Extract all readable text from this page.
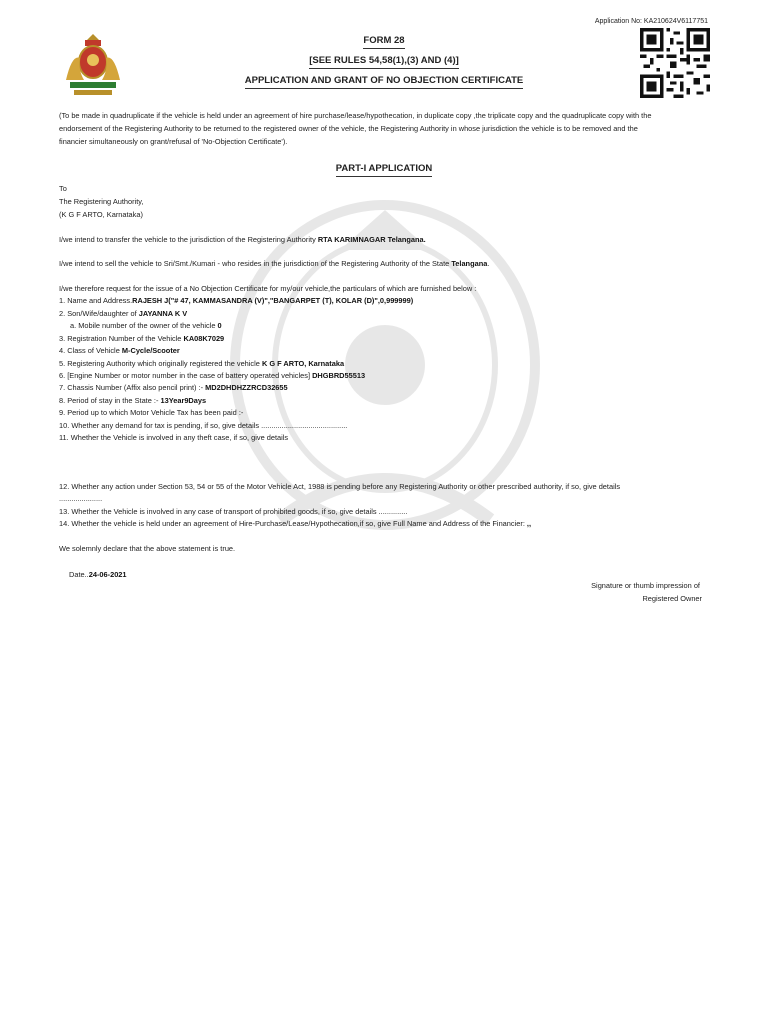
Application No: KA210624V6117751
FORM 28
[SEE RULES 54,58(1),(3) AND (4)]
APPLICATION AND GRANT OF NO OBJECTION CERTIFICATE
(To be made in quadruplicate if the vehicle is held under an agreement of hire purchase/lease/hypothecation, in duplicate copy ,the triplicate copy and the quadruplicate copy with the
endorsement of the Registering Authority to be returned to the registered owner of the vehicle, the Registering Authority in whose jurisdiction the vehicle is to be removed and the
financier simultaneously on grant/refusal of 'No-Objection Certificate').
PART-I APPLICATION
To
The Registering Authority,
(K G F ARTO, Karnataka)
I/we intend to transfer the vehicle to the jurisdiction of the Registering Authority RTA KARIMNAGAR Telangana.
I/we intend to sell the vehicle to Sri/Smt./Kumari - who resides in the jurisdiction of the Registering Authority of the State Telangana.
I/we therefore request for the issue of a No Objection Certificate for my/our vehicle,the particulars of which are furnished below :
1. Name and Address.RAJESH J("# 47, KAMMASANDRA (V)","BANGARPET (T), KOLAR (D)",0,999999)
2. Son/Wife/daughter of JAYANNA K V
a. Mobile number of the owner of the vehicle 0
3. Registration Number of the Vehicle KA08K7029
4. Class of Vehicle M-Cycle/Scooter
5. Registering Authority which originally registered the vehicle K G F ARTO, Karnataka
6. [Engine Number or motor number in the case of battery operated vehicles] DHGBRD55513
7. Chassis Number (Affix also pencil print) :- MD2DHDHZZRCD32655
8. Period of stay in the State :- 13Year9Days
9. Period up to which Motor Vehicle Tax has been paid :-
10. Whether any demand for tax is pending, if so, give details ..........................................
11. Whether the Vehicle is involved in any theft case, if so, give details
12. Whether any action under Section 53, 54 or 55 of the Motor Vehicle Act, 1988 is pending before any Registering Authority or other prescribed authority, if so, give details
.....................
13. Whether the Vehicle is involved in any case of transport of prohibited goods, if so, give details ..............
14. Whether the vehicle is held under an agreement of Hire-Purchase/Lease/Hypothecation,if so, give Full Name and Address of the Financier: ,,
We solemnly declare that the above statement is true.
Date..24-06-2021
Signature or thumb impression of
Registered Owner
